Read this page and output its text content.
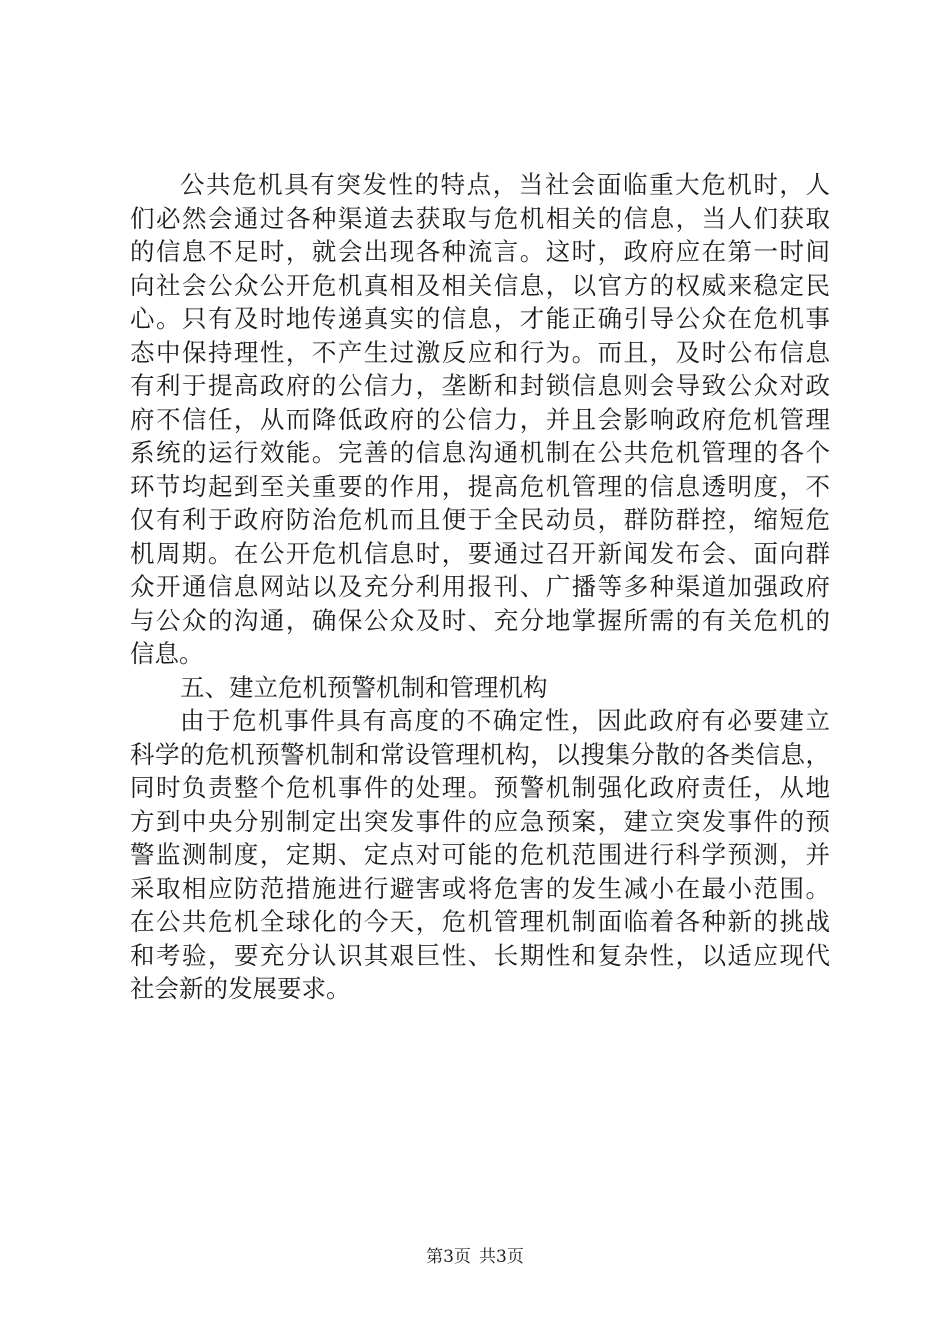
公共危机具有突发性的特点，当社会面临重大危机时，人
们必然会通过各种渠道去获取与危机相关的信息，当人们获取
的信息不足时，就会出现各种流言。这时，政府应在第一时间
向社会公众公开危机真相及相关信息，以官方的权威来稳定民
心。只有及时地传递真实的信息，才能正确引导公众在危机事
态中保持理性，不产生过激反应和行为。而且，及时公布信息
有利于提高政府的公信力，垄断和封锁信息则会导致公众对政
府不信任，从而降低政府的公信力，并且会影响政府危机管理
系统的运行效能。完善的信息沟通机制在公共危机管理的各个
环节均起到至关重要的作用，提高危机管理的信息透明度，不
仅有利于政府防治危机而且便于全民动员，群防群控，缩短危
机周期。在公开危机信息时，要通过召开新闻发布会、面向群
众开通信息网站以及充分利用报刊、广播等多种渠道加强政府
与公众的沟通，确保公众及时、充分地掌握所需的有关危机的
信息。
五、建立危机预警机制和管理机构
由于危机事件具有高度的不确定性，因此政府有必要建立
科学的危机预警机制和常设管理机构，以搜集分散的各类信息，
同时负责整个危机事件的处理。预警机制强化政府责任，从地
方到中央分别制定出突发事件的应急预案，建立突发事件的预
警监测制度，定期、定点对可能的危机范围进行科学预测，并
采取相应防范措施进行避害或将危害的发生减小在最小范围。
在公共危机全球化的今天，危机管理机制面临着各种新的挑战
和考验，要充分认识其艰巨性、长期性和复杂性，以适应现代
社会新的发展要求。
第3页 共3页
